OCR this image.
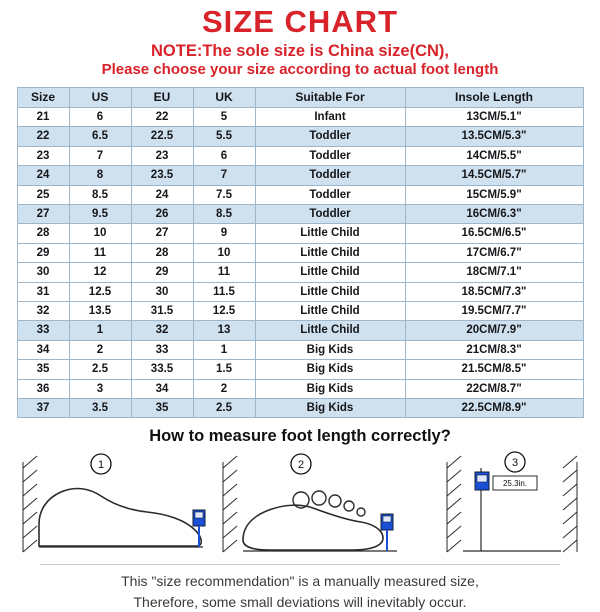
SIZE CHART
NOTE:The sole size is China size(CN),
Please choose your size according to actual foot length
Size	US	EU	UK	Suitable For	Insole Length
21	6	22	5	Infant	13CM/5.1"
22	6.5	22.5	5.5	Toddler	13.5CM/5.3"
23	7	23	6	Toddler	14CM/5.5"
24	8	23.5	7	Toddler	14.5CM/5.7"
25	8.5	24	7.5	Toddler	15CM/5.9"
27	9.5	26	8.5	Toddler	16CM/6.3"
28	10	27	9	Little Child	16.5CM/6.5"
29	11	28	10	Little Child	17CM/6.7"
30	12	29	11	Little Child	18CM/7.1"
31	12.5	30	11.5	Little Child	18.5CM/7.3"
32	13.5	31.5	12.5	Little Child	19.5CM/7.7"
33	1	32	13	Little Child	20CM/7.9"
34	2	33	1	Big Kids	21CM/8.3"
35	2.5	33.5	1.5	Big Kids	21.5CM/8.5"
36	3	34	2	Big Kids	22CM/8.7"
37	3.5	35	2.5	Big Kids	22.5CM/8.9"
How to measure foot length correctly?
1	2
25.3in.
3
This "size recommendation" is a manually measured size,
Therefore, some small deviations will inevitably occur.
